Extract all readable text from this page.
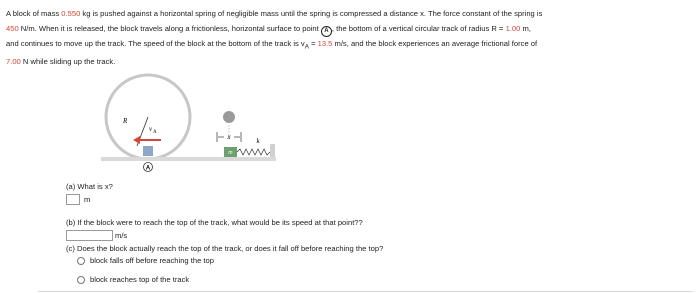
A block of mass 0.550 kg is pushed against a horizontal spring of negligible mass until the spring is compressed a distance x. The force constant of the spring is
450 N/m. When it is released, the block travels along a frictionless, horizontal surface to point A , the bottom of a vertical circular track of radius R = 1.00 m,
and continues to move up the track. The speed of the block at the bottom of the track is $v_A = 13.5$ m/s, and the block experiences an average frictional force of
7.00 N while sliding up the track.
R
v A
A
x
m
k
(a) What is x?
m
(b) If the block were to reach the top of the track, what would be its speed at that point??
m/s
(c) Does the block actually reach the top of the track, or does it fall off before reaching the top?
block falls off before reaching the top
block reaches top of the track
